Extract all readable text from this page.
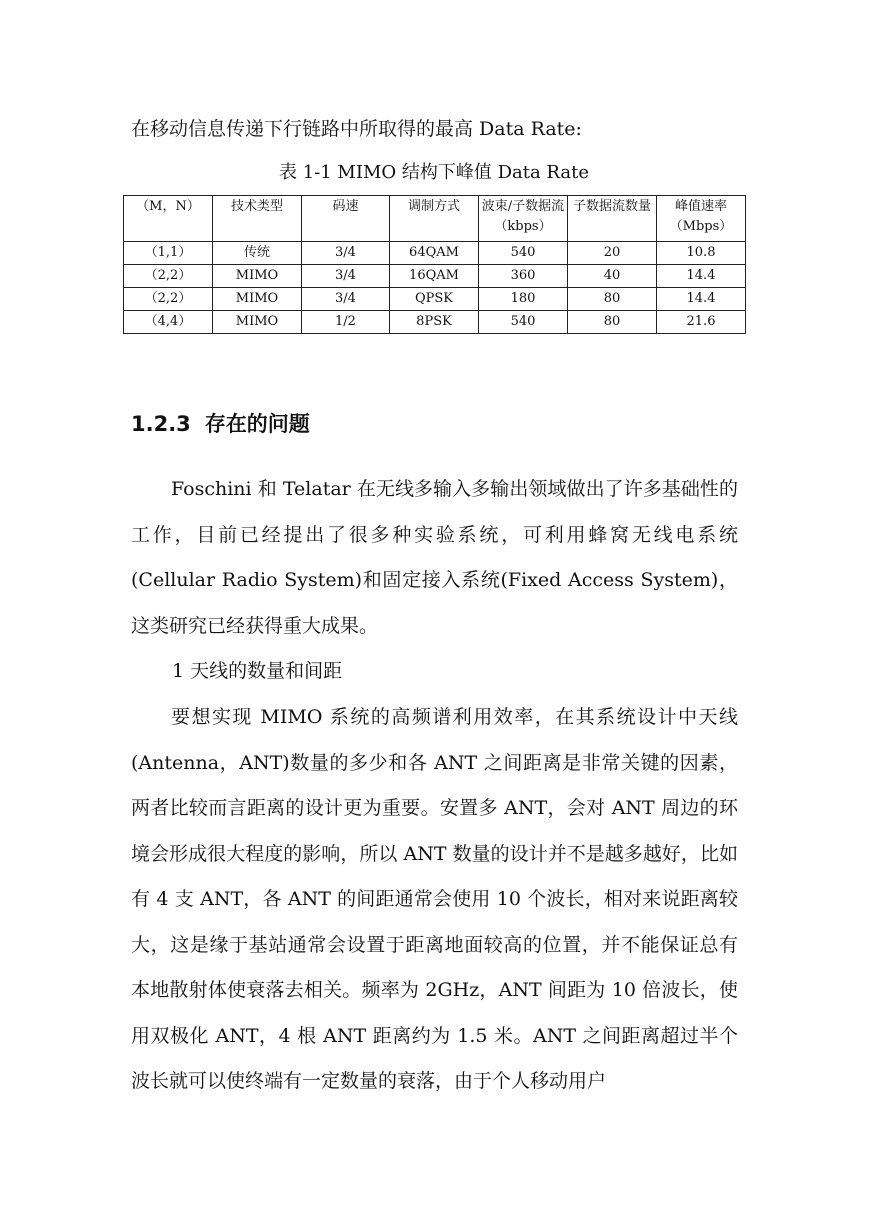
在移动信息传递下行链路中所取得的最高 Data Rate:
表 1-1 MIMO 结构下峰值 Data Rate
（M，N）	技术类型	码速	调制方式	波束/子数据流（kbps）	子数据流数量	峰值速率（Mbps）
（1,1）	传统	3/4	64QAM	540	20	10.8
（2,2）	MIMO	3/4	16QAM	360	40	14.4
（2,2）	MIMO	3/4	QPSK	180	80	14.4
（4,4）	MIMO	1/2	8PSK	540	80	21.6
1.2.3 存在的问题
Foschini 和 Telatar 在无线多输入多输出领域做出了许多基础性的工作，目前已经提出了很多种实验系统，可利用蜂窝无线电系统(Cellular Radio System)和固定接入系统(Fixed Access System)，这类研究已经获得重大成果。
1 天线的数量和间距
要想实现 MIMO 系统的高频谱利用效率，在其系统设计中天线(Antenna，ANT)数量的多少和各 ANT 之间距离是非常关键的因素，两者比较而言距离的设计更为重要。安置多 ANT，会对 ANT 周边的环境会形成很大程度的影响，所以 ANT 数量的设计并不是越多越好，比如有 4 支 ANT，各 ANT 的间距通常会使用 10 个波长，相对来说距离较大，这是缘于基站通常会设置于距离地面较高的位置，并不能保证总有本地散射体使衰落去相关。频率为 2GHz，ANT 间距为 10 倍波长，使用双极化 ANT，4 根 ANT 距离约为 1.5 米。ANT 之间距离超过半个波长就可以使终端有一定数量的衰落，由于个人移动用户
